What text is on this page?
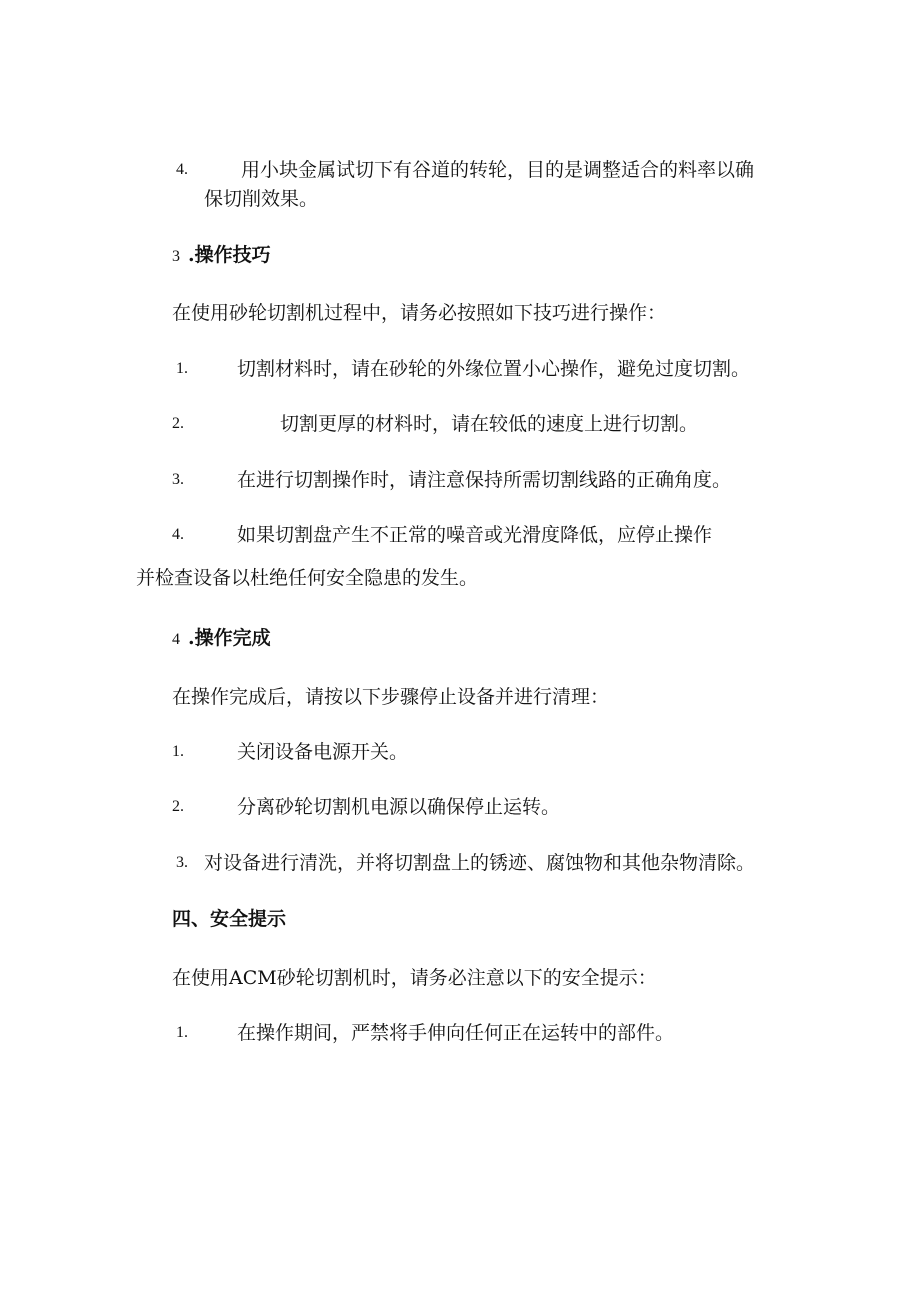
4.	用小块金属试切下有谷道的转轮，目的是调整适合的料率以确
保切削效果。
3 .操作技巧
在使用砂轮切割机过程中，请务必按照如下技巧进行操作：
1.	切割材料时，请在砂轮的外缘位置小心操作，避免过度切割。
2.	切割更厚的材料时，请在较低的速度上进行切割。
3.	在进行切割操作时，请注意保持所需切割线路的正确角度。
4.	如果切割盘产生不正常的噪音或光滑度降低，应停止操作
并检查设备以杜绝任何安全隐患的发生。
4 .操作完成
在操作完成后，请按以下步骤停止设备并进行清理：
1.	关闭设备电源开关。
2.	分离砂轮切割机电源以确保停止运转。
3. 对设备进行清洗，并将切割盘上的锈迹、腐蚀物和其他杂物清除。
四、安全提示
在使用ACM砂轮切割机时，请务必注意以下的安全提示：
1.	在操作期间，严禁将手伸向任何正在运转中的部件。
